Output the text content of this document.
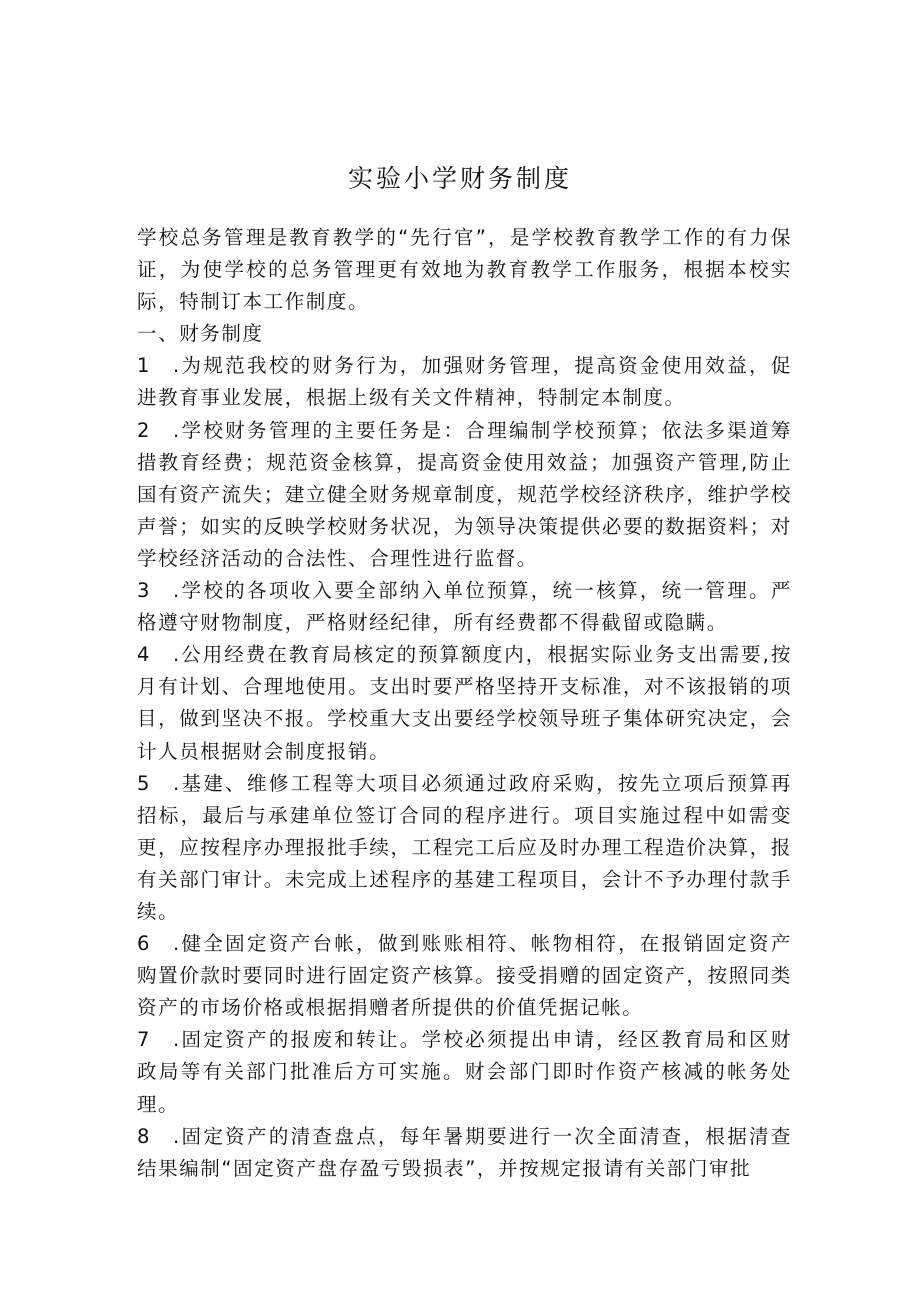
实验小学财务制度

学校总务管理是教育教学的“先行官”，是学校教育教学工作的有力保证，为使学校的总务管理更有效地为教育教学工作服务，根据本校实际，特制订本工作制度。

一、财务制度

1 .为规范我校的财务行为，加强财务管理，提高资金使用效益，促进教育事业发展，根据上级有关文件精神，特制定本制度。

2 .学校财务管理的主要任务是：合理编制学校预算；依法多渠道筹措教育经费；规范资金核算，提高资金使用效益；加强资产管理,防止国有资产流失；建立健全财务规章制度，规范学校经济秩序，维护学校声誉；如实的反映学校财务状况，为领导决策提供必要的数据资料；对学校经济活动的合法性、合理性进行监督。

3 .学校的各项收入要全部纳入单位预算，统一核算，统一管理。严格遵守财物制度，严格财经纪律，所有经费都不得截留或隐瞒。

4 .公用经费在教育局核定的预算额度内，根据实际业务支出需要,按月有计划、合理地使用。支出时要严格坚持开支标准，对不该报销的项目，做到坚决不报。学校重大支出要经学校领导班子集体研究决定，会计人员根据财会制度报销。

5 .基建、维修工程等大项目必须通过政府采购，按先立项后预算再招标，最后与承建单位签订合同的程序进行。项目实施过程中如需变更，应按程序办理报批手续，工程完工后应及时办理工程造价决算，报有关部门审计。未完成上述程序的基建工程项目，会计不予办理付款手续。

6 .健全固定资产台帐，做到账账相符、帐物相符，在报销固定资产购置价款时要同时进行固定资产核算。接受捐赠的固定资产，按照同类资产的市场价格或根据捐赠者所提供的价值凭据记帐。

7 .固定资产的报废和转让。学校必须提出申请，经区教育局和区财政局等有关部门批准后方可实施。财会部门即时作资产核减的帐务处理。

8 .固定资产的清查盘点，每年暑期要进行一次全面清查，根据清查结果编制“固定资产盘存盈亏毁损表”，并按规定报请有关部门审批
